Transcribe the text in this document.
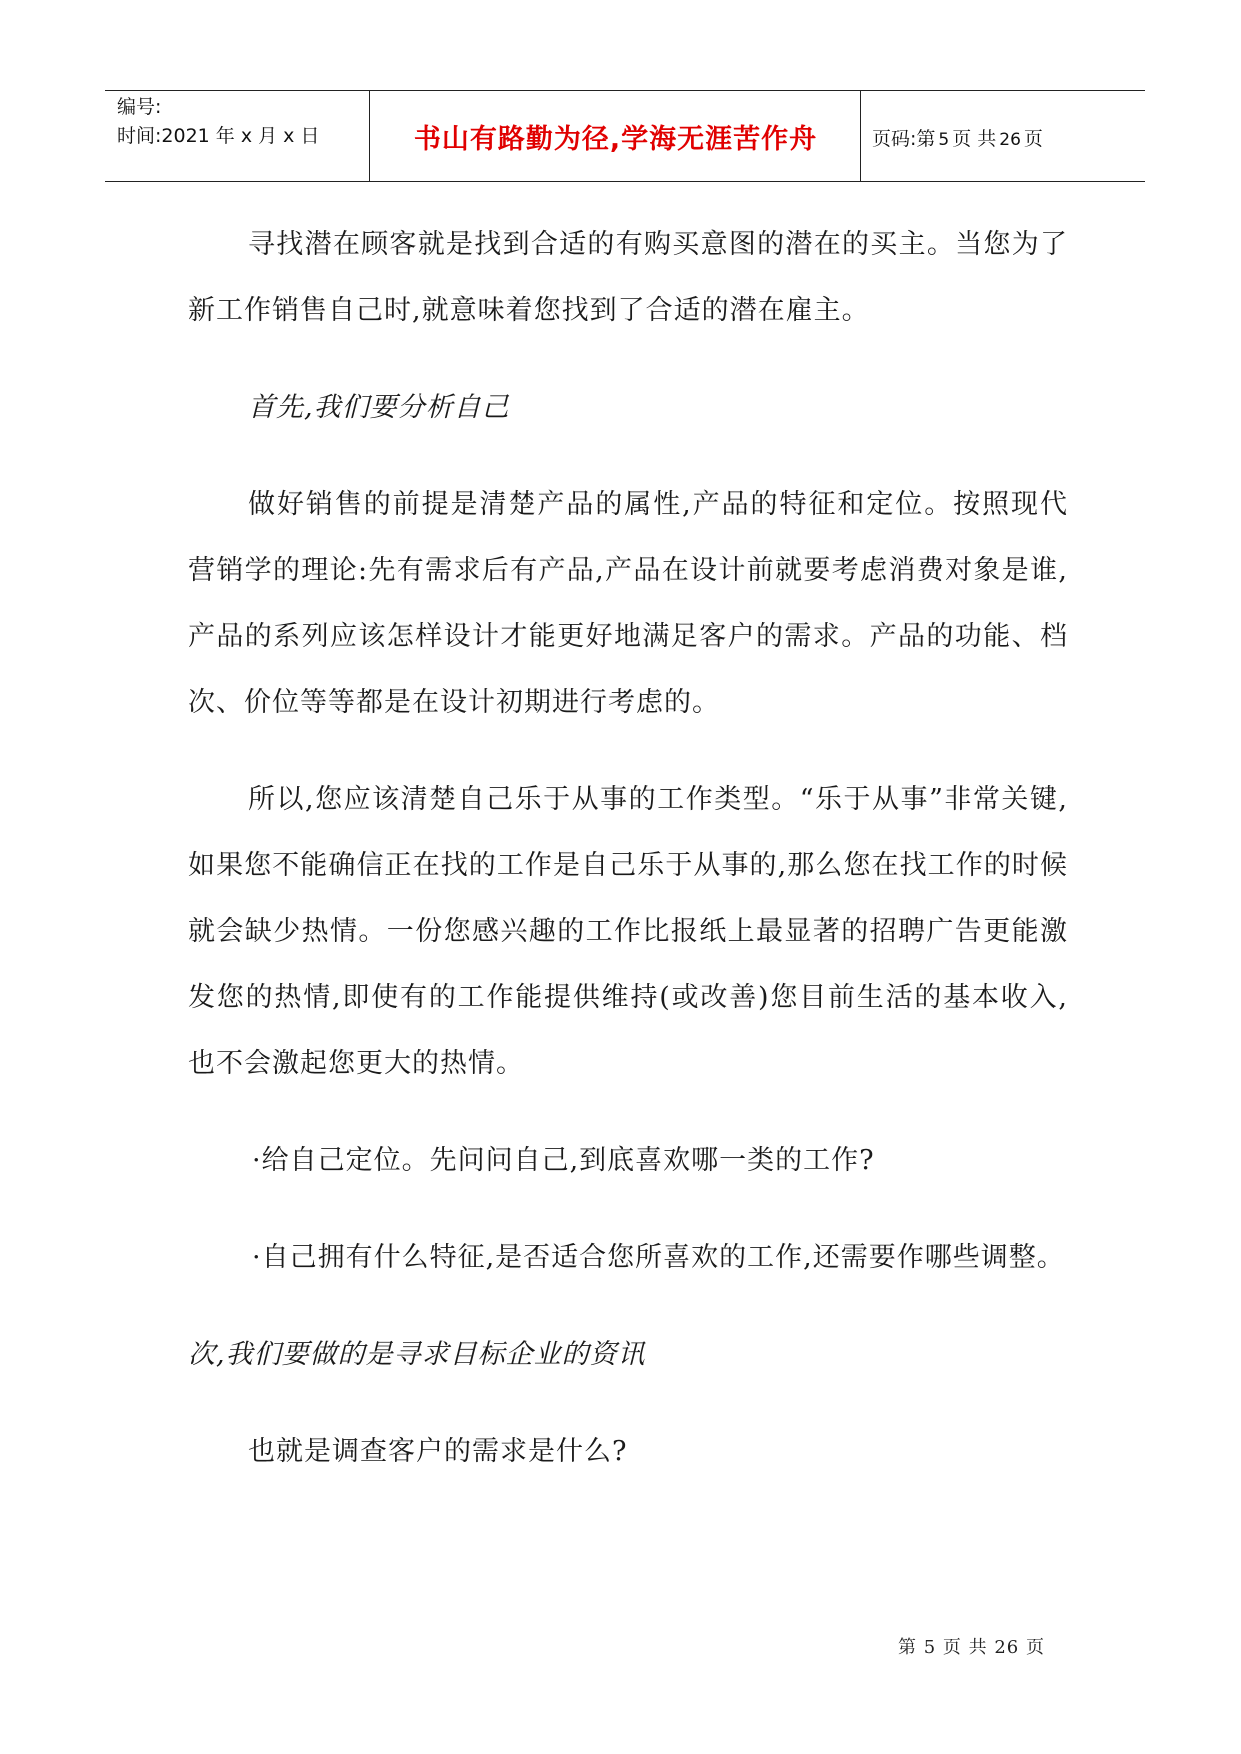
编号:
时间:2021 年 x 月 x 日	书山有路勤为径,学海无涯苦作舟	页码:第 5 页 共 26 页

寻找潜在顾客就是找到合适的有购买意图的潜在的买主。当您为了新工作销售自己时,就意味着您找到了合适的潜在雇主。

首先,我们要分析自己

做好销售的前提是清楚产品的属性,产品的特征和定位。按照现代营销学的理论:先有需求后有产品,产品在设计前就要考虑消费对象是谁,产品的系列应该怎样设计才能更好地满足客户的需求。产品的功能、档次、价位等等都是在设计初期进行考虑的。

所以,您应该清楚自己乐于从事的工作类型。“乐于从事”非常关键,如果您不能确信正在找的工作是自己乐于从事的,那么您在找工作的时候就会缺少热情。一份您感兴趣的工作比报纸上最显著的招聘广告更能激发您的热情,即使有的工作能提供维持(或改善)您目前生活的基本收入,也不会激起您更大的热情。

·给自己定位。先问问自己,到底喜欢哪一类的工作?

·自己拥有什么特征,是否适合您所喜欢的工作,还需要作哪些调整。

次,我们要做的是寻求目标企业的资讯

也就是调查客户的需求是什么?

第 5 页 共 26 页
